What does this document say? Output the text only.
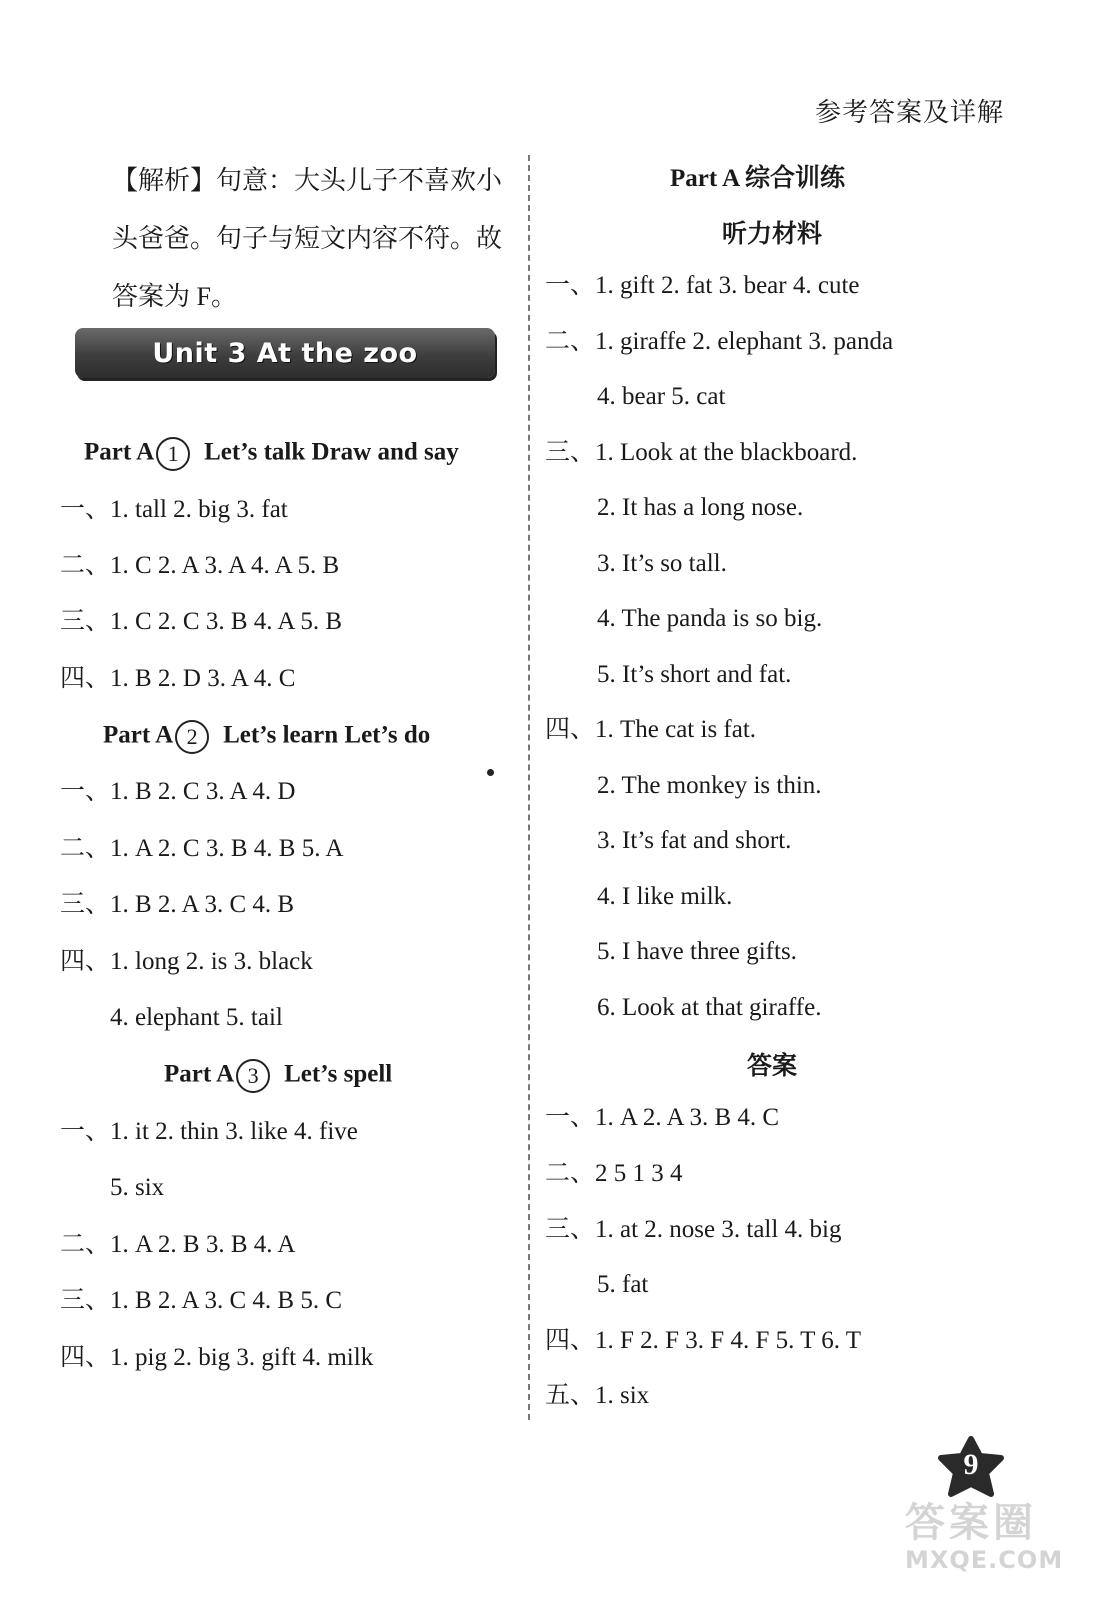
参考答案及详解
【解析】句意：大头儿子不喜欢小头爸爸。句子与短文内容不符。故答案为 F。
Unit 3 At the zoo
Part A 1 Let’s talk Draw and say
一、1. tall 2. big 3. fat
二、1. C 2. A 3. A 4. A 5. B
三、1. C 2. C 3. B 4. A 5. B
四、1. B 2. D 3. A 4. C
Part A 2 Let’s learn Let’s do
一、1. B 2. C 3. A 4. D
二、1. A 2. C 3. B 4. B 5. A
三、1. B 2. A 3. C 4. B
四、1. long 2. is 3. black
4. elephant 5. tail
Part A 3 Let’s spell
一、1. it 2. thin 3. like 4. five
5. six
二、1. A 2. B 3. B 4. A
三、1. B 2. A 3. C 4. B 5. C
四、1. pig 2. big 3. gift 4. milk
Part A 综合训练
听力材料
一、1. gift 2. fat 3. bear 4. cute
二、1. giraffe 2. elephant 3. panda
4. bear 5. cat
三、1. Look at the blackboard.
2. It has a long nose.
3. It’s so tall.
4. The panda is so big.
5. It’s short and fat.
四、1. The cat is fat.
2. The monkey is thin.
3. It’s fat and short.
4. I like milk.
5. I have three gifts.
6. Look at that giraffe.
答案
一、1. A 2. A 3. B 4. C
二、2 5 1 3 4
三、1. at 2. nose 3. tall 4. big
5. fat
四、1. F 2. F 3. F 4. F 5. T 6. T
五、1. six
9
答案圈
MXQE.COM
